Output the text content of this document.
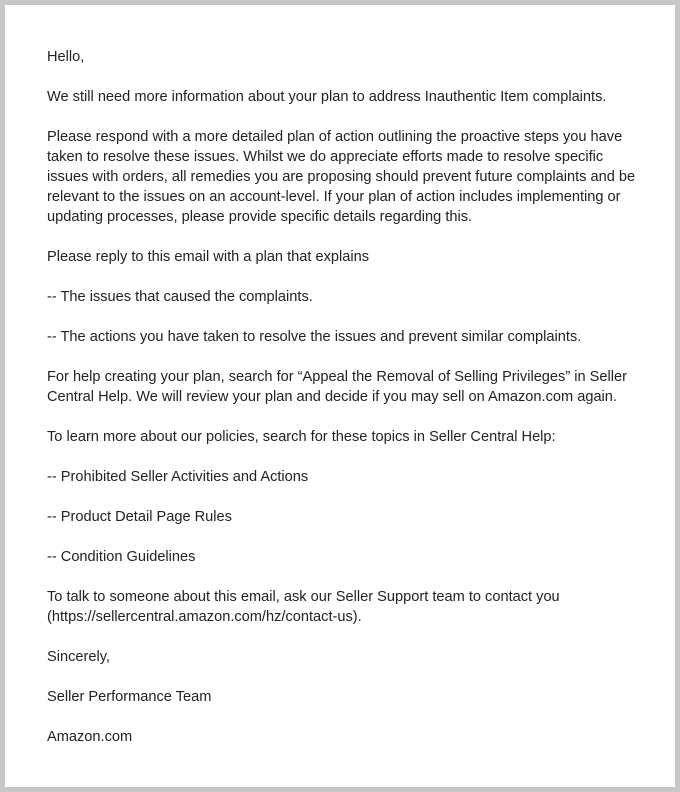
Hello,

We still need more information about your plan to address Inauthentic Item complaints.

Please respond with a more detailed plan of action outlining the proactive steps you have taken to resolve these issues. Whilst we do appreciate efforts made to resolve specific issues with orders, all remedies you are proposing should prevent future complaints and be relevant to the issues on an account-level. If your plan of action includes implementing or updating processes, please provide specific details regarding this.

Please reply to this email with a plan that explains

-- The issues that caused the complaints.

-- The actions you have taken to resolve the issues and prevent similar complaints.

For help creating your plan, search for “Appeal the Removal of Selling Privileges” in Seller Central Help. We will review your plan and decide if you may sell on Amazon.com again.

To learn more about our policies, search for these topics in Seller Central Help:

-- Prohibited Seller Activities and Actions

-- Product Detail Page Rules

-- Condition Guidelines

To talk to someone about this email, ask our Seller Support team to contact you (https://sellercentral.amazon.com/hz/contact-us).

Sincerely,

Seller Performance Team

Amazon.com
